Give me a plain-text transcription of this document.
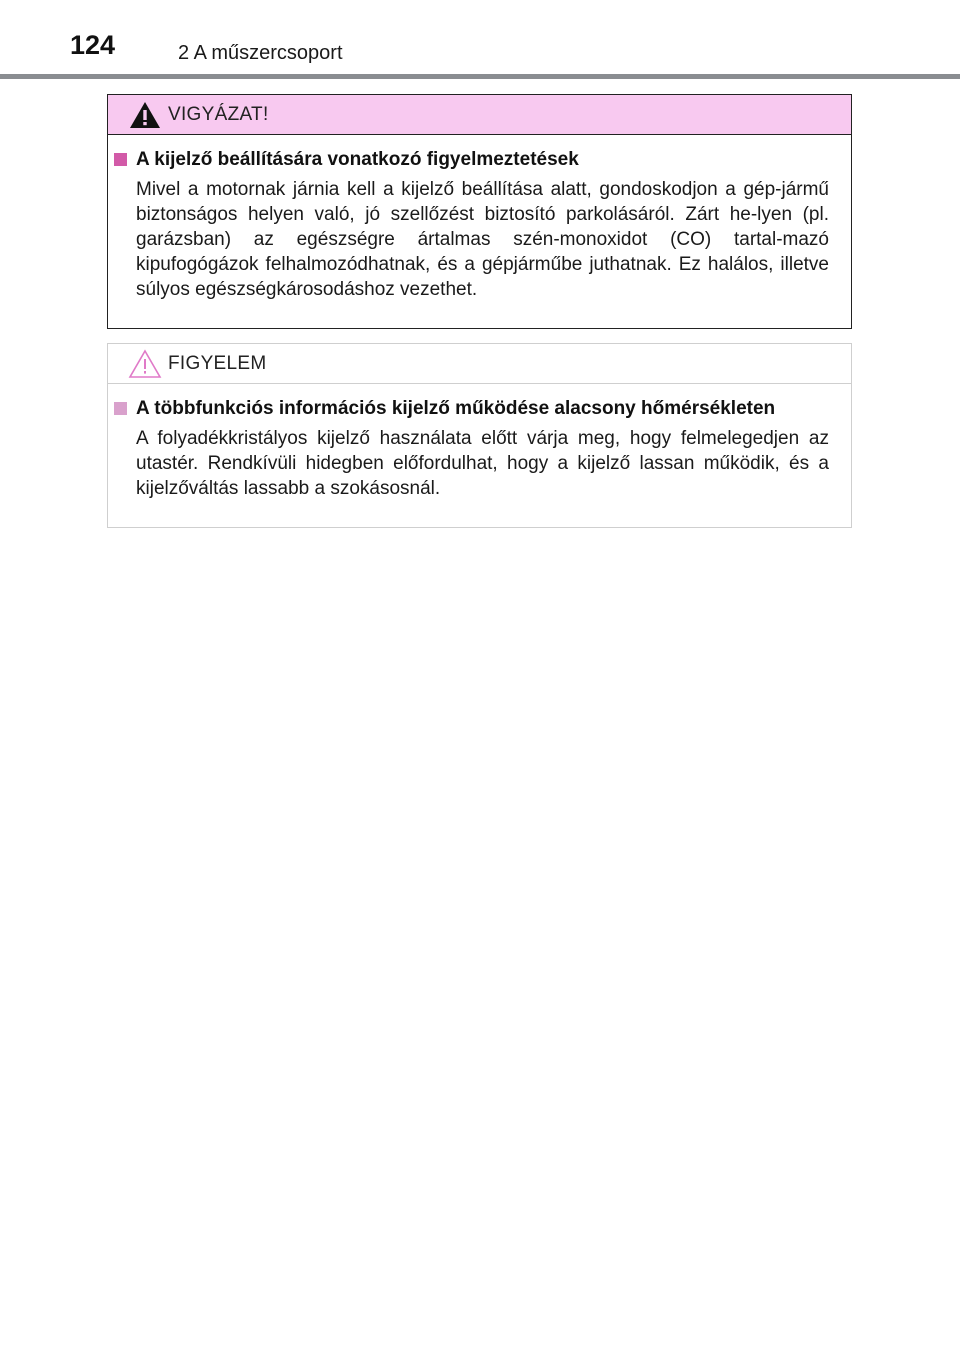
124	2 A műszercsoport
VIGYÁZAT!
A kijelző beállítására vonatkozó figyelmeztetések
Mivel a motornak járnia kell a kijelző beállítása alatt, gondoskodjon a gép-jármű biztonságos helyen való, jó szellőzést biztosító parkolásáról. Zárt he-lyen (pl. garázsban) az egészségre ártalmas szén-monoxidot (CO) tartal-mazó kipufogógázok felhalmozódhatnak, és a gépjárműbe juthatnak. Ez halálos, illetve súlyos egészségkárosodáshoz vezethet.
FIGYELEM
A többfunkciós információs kijelző működése alacsony hőmérsékleten
A folyadékkristályos kijelző használata előtt várja meg, hogy felmelegedjen az utastér. Rendkívüli hidegben előfordulhat, hogy a kijelző lassan működik, és a kijelzőváltás lassabb a szokásosnál.
